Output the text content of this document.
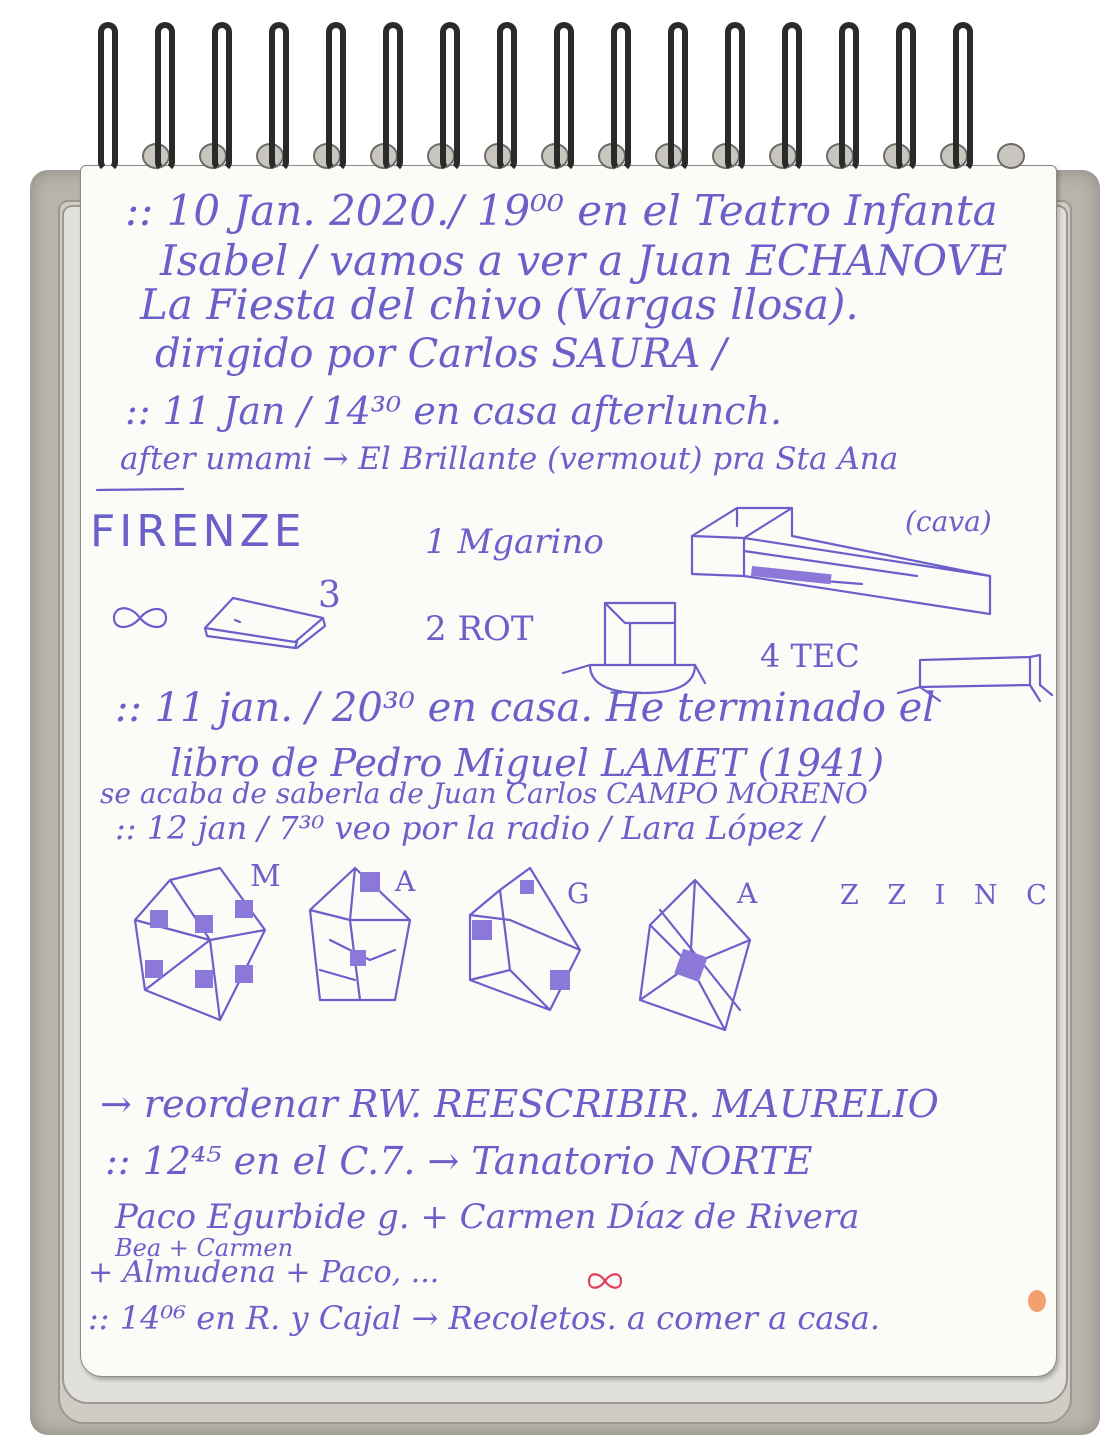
:: 10 Jan. 2020./ 19⁰⁰ en el Teatro Infanta
Isabel / vamos a ver a Juan ECHANOVE
La Fiesta del chivo (Vargas llosa).
dirigido por Carlos SAURA /
:: 11 Jan / 14³⁰ en casa afterlunch.
after umami → El Brillante (vermout) pra Sta Ana
(cava)
FIRENZE	1 Mgarino
3
2 ROT
4 TEC
:: 11 jan. / 20³⁰ en casa. He terminado el
libro de Pedro Miguel LAMET (1941)
se acaba de saberla de Juan Carlos CAMPO MORENO
:: 12 jan / 7³⁰ veo por la radio / Lara López /
M	A	G	A	Z Z I N C
→ reordenar RW. REESCRIBIR. MAURELIO
:: 12⁴⁵ en el C.7. → Tanatorio NORTE
Paco Egurbide g. + Carmen Díaz de Rivera
Bea + Carmen
+ Almudena + Paco, ...
:: 14⁰⁶ en R. y Cajal → Recoletos. a comer a casa.
